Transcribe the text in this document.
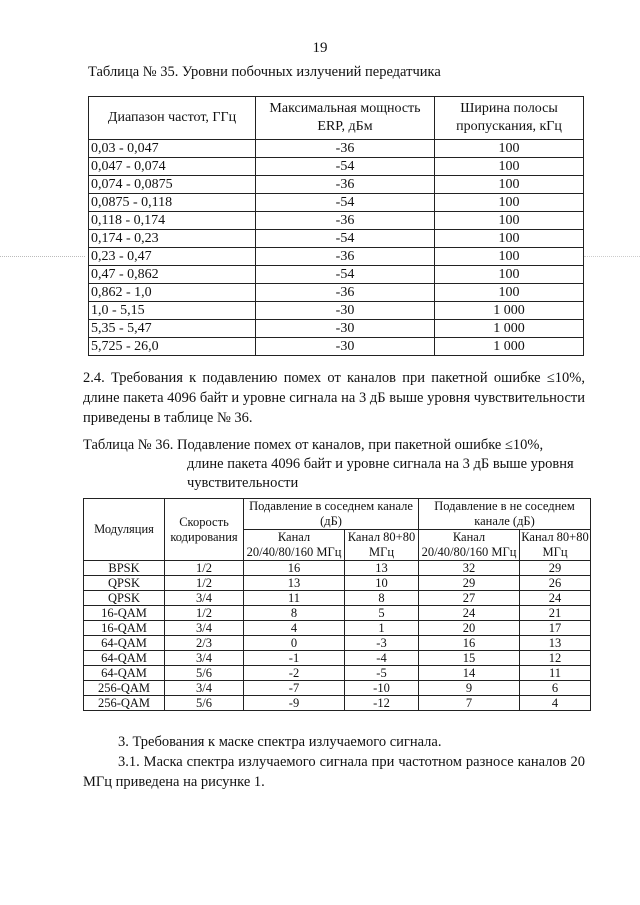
19
Таблица № 35. Уровни побочных излучений передатчика
Диапазон частот, ГГц	Максимальная мощность ERP, дБм	Ширина полосы пропускания, кГц
0,03 - 0,047	-36	100
0,047 - 0,074	-54	100
0,074 - 0,0875	-36	100
0,0875 - 0,118	-54	100
0,118 - 0,174	-36	100
0,174 - 0,23	-54	100
0,23 - 0,47	-36	100
0,47 - 0,862	-54	100
0,862 - 1,0	-36	100
1,0 - 5,15	-30	1 000
5,35 - 5,47	-30	1 000
5,725 - 26,0	-30	1 000
2.4. Требования к подавлению помех от каналов при пакетной ошибке ≤10%, длине пакета 4096 байт и уровне сигнала на 3 дБ выше уровня чувствительности приведены в таблице № 36.
Таблица № 36. Подавление помех от каналов, при пакетной ошибке ≤10%,
длине пакета 4096 байт и уровне сигнала на 3 дБ выше уровня чувствительности
Модуляция	Скорость кодирования	Подавление в соседнем канале (дБ)		Подавление в не соседнем канале (дБ)	
		Канал 20/40/80/160 МГц	Канал 80+80 МГц	Канал 20/40/80/160 МГц	Канал 80+80 МГц
BPSK	1/2	16	13	32	29
QPSK	1/2	13	10	29	26
QPSK	3/4	11	8	27	24
16-QAM	1/2	8	5	24	21
16-QAM	3/4	4	1	20	17
64-QAM	2/3	0	-3	16	13
64-QAM	3/4	-1	-4	15	12
64-QAM	5/6	-2	-5	14	11
256-QAM	3/4	-7	-10	9	6
256-QAM	5/6	-9	-12	7	4
3. Требования к маске спектра излучаемого сигнала.
3.1. Маска спектра излучаемого сигнала при частотном разносе каналов 20 МГц приведена на рисунке 1.
